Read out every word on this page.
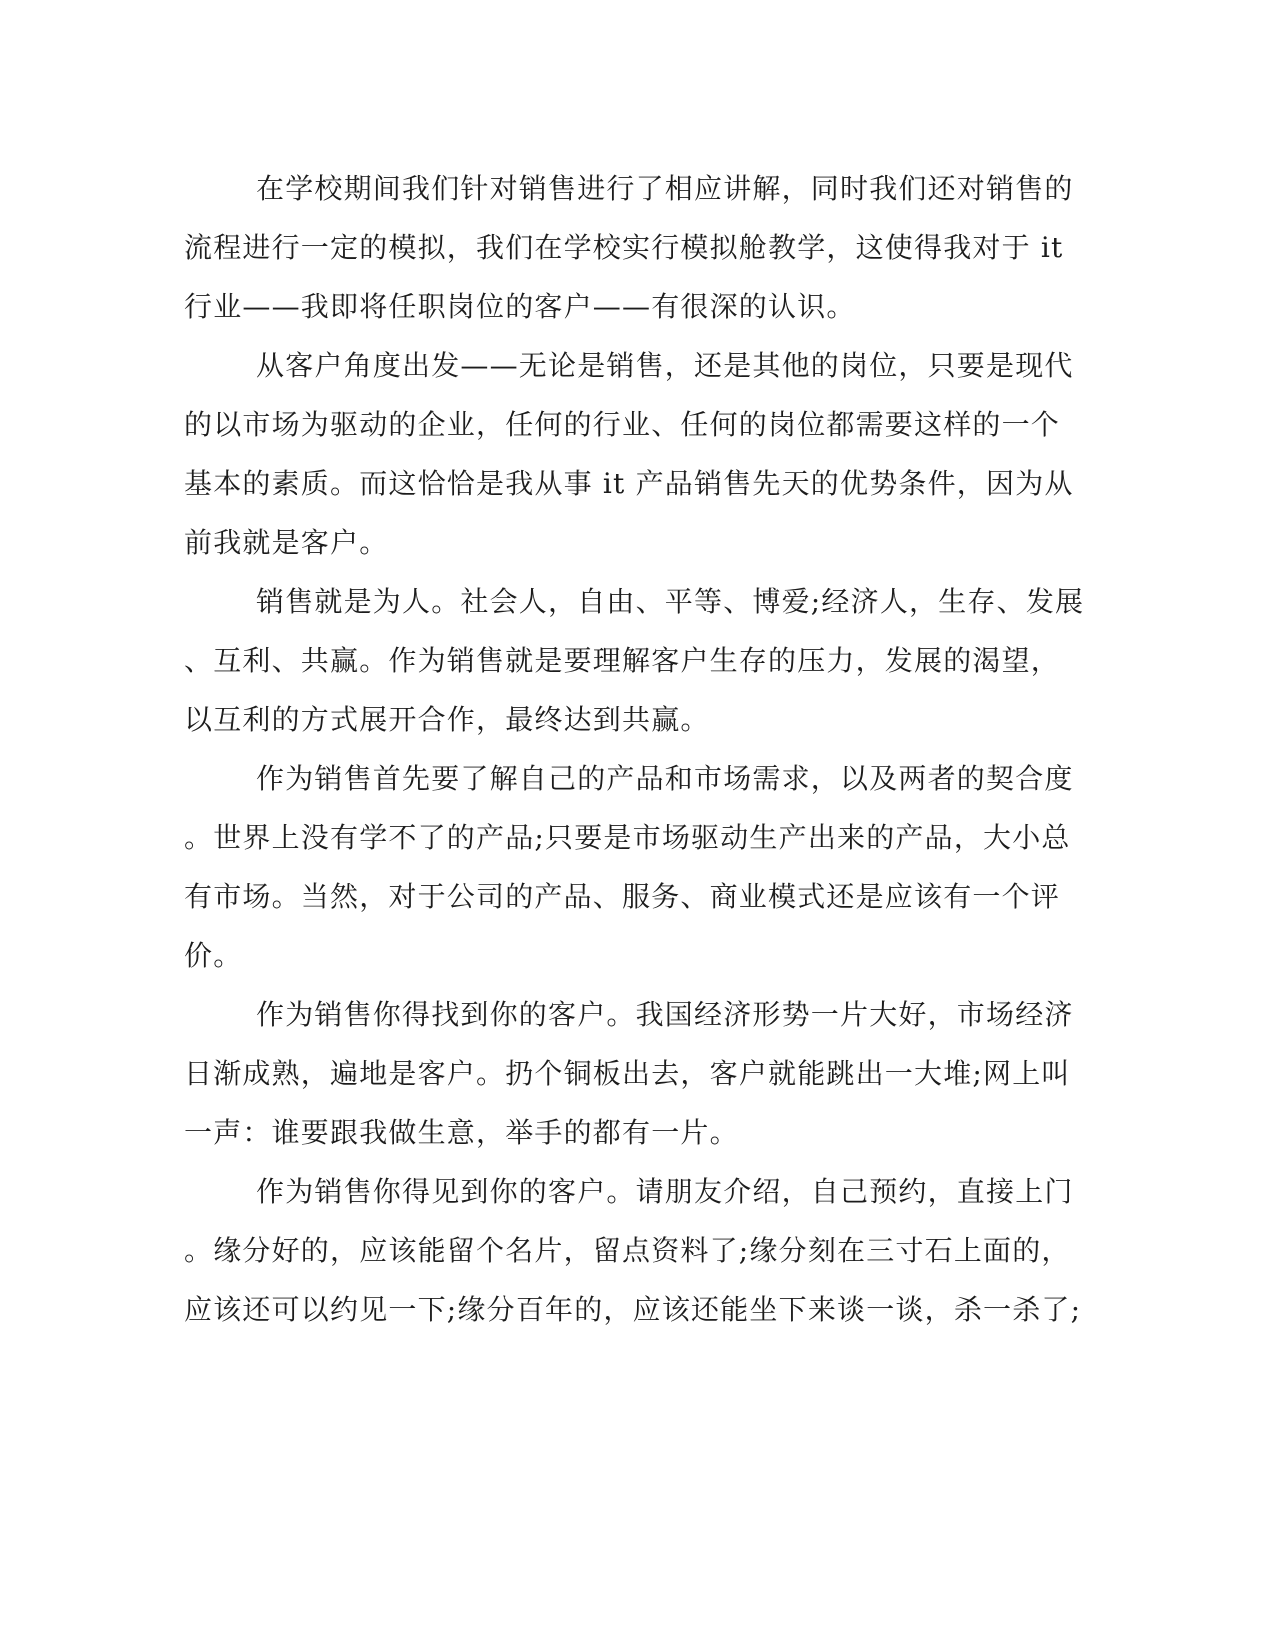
在学校期间我们针对销售进行了相应讲解，同时我们还对销售的
流程进行一定的模拟，我们在学校实行模拟舱教学，这使得我对于 it
行业——我即将任职岗位的客户——有很深的认识。
从客户角度出发——无论是销售，还是其他的岗位，只要是现代
的以市场为驱动的企业，任何的行业、任何的岗位都需要这样的一个
基本的素质。而这恰恰是我从事 it 产品销售先天的优势条件，因为从
前我就是客户。
销售就是为人。社会人，自由、平等、博爱;经济人，生存、发展
、互利、共赢。作为销售就是要理解客户生存的压力，发展的渴望，
以互利的方式展开合作，最终达到共赢。
作为销售首先要了解自己的产品和市场需求，以及两者的契合度
。世界上没有学不了的产品;只要是市场驱动生产出来的产品，大小总
有市场。当然，对于公司的产品、服务、商业模式还是应该有一个评
价。
作为销售你得找到你的客户。我国经济形势一片大好，市场经济
日渐成熟，遍地是客户。扔个铜板出去，客户就能跳出一大堆;网上叫
一声：谁要跟我做生意，举手的都有一片。
作为销售你得见到你的客户。请朋友介绍，自己预约，直接上门
。缘分好的，应该能留个名片，留点资料了;缘分刻在三寸石上面的，
应该还可以约见一下;缘分百年的，应该还能坐下来谈一谈，杀一杀了;
